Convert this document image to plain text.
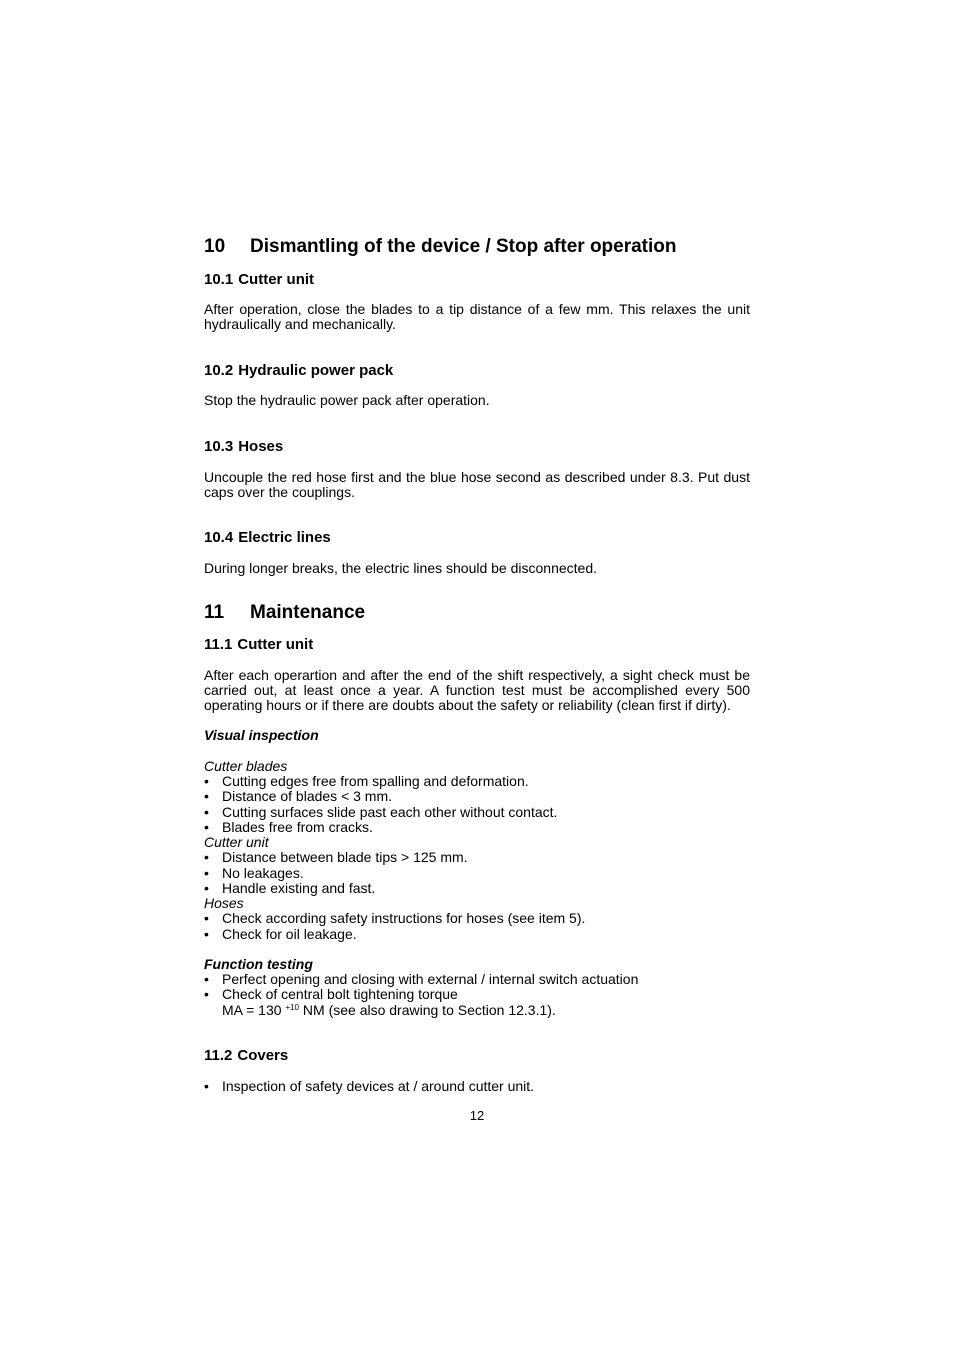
10 Dismantling of the device / Stop after operation
10.1 Cutter unit
After operation, close the blades to a tip distance of a few mm. This relaxes the unit hydraulically and mechanically.
10.2 Hydraulic power pack
Stop the hydraulic power pack after operation.
10.3 Hoses
Uncouple the red hose first and the blue hose second as described under 8.3. Put dust caps over the couplings.
10.4 Electric lines
During longer breaks, the electric lines should be disconnected.
11 Maintenance
11.1 Cutter unit
After each operartion and after the end of the shift respectively, a sight check must be carried out, at least once a year. A function test must be accomplished every 500 operating hours or if there are doubts about the safety or reliability (clean first if dirty).
Visual inspection
Cutter blades
• Cutting edges free from spalling and deformation.
• Distance of blades < 3 mm.
• Cutting surfaces slide past each other without contact.
• Blades free from cracks.
Cutter unit
• Distance between blade tips > 125 mm.
• No leakages.
• Handle existing and fast.
Hoses
• Check according safety instructions for hoses (see item 5).
• Check for oil leakage.
Function testing
• Perfect opening and closing with external / internal switch actuation
• Check of central bolt tightening torque
MA = 130 $^{+10}$ NM (see also drawing to Section 12.3.1).
11.2 Covers
• Inspection of safety devices at / around cutter unit.
12
